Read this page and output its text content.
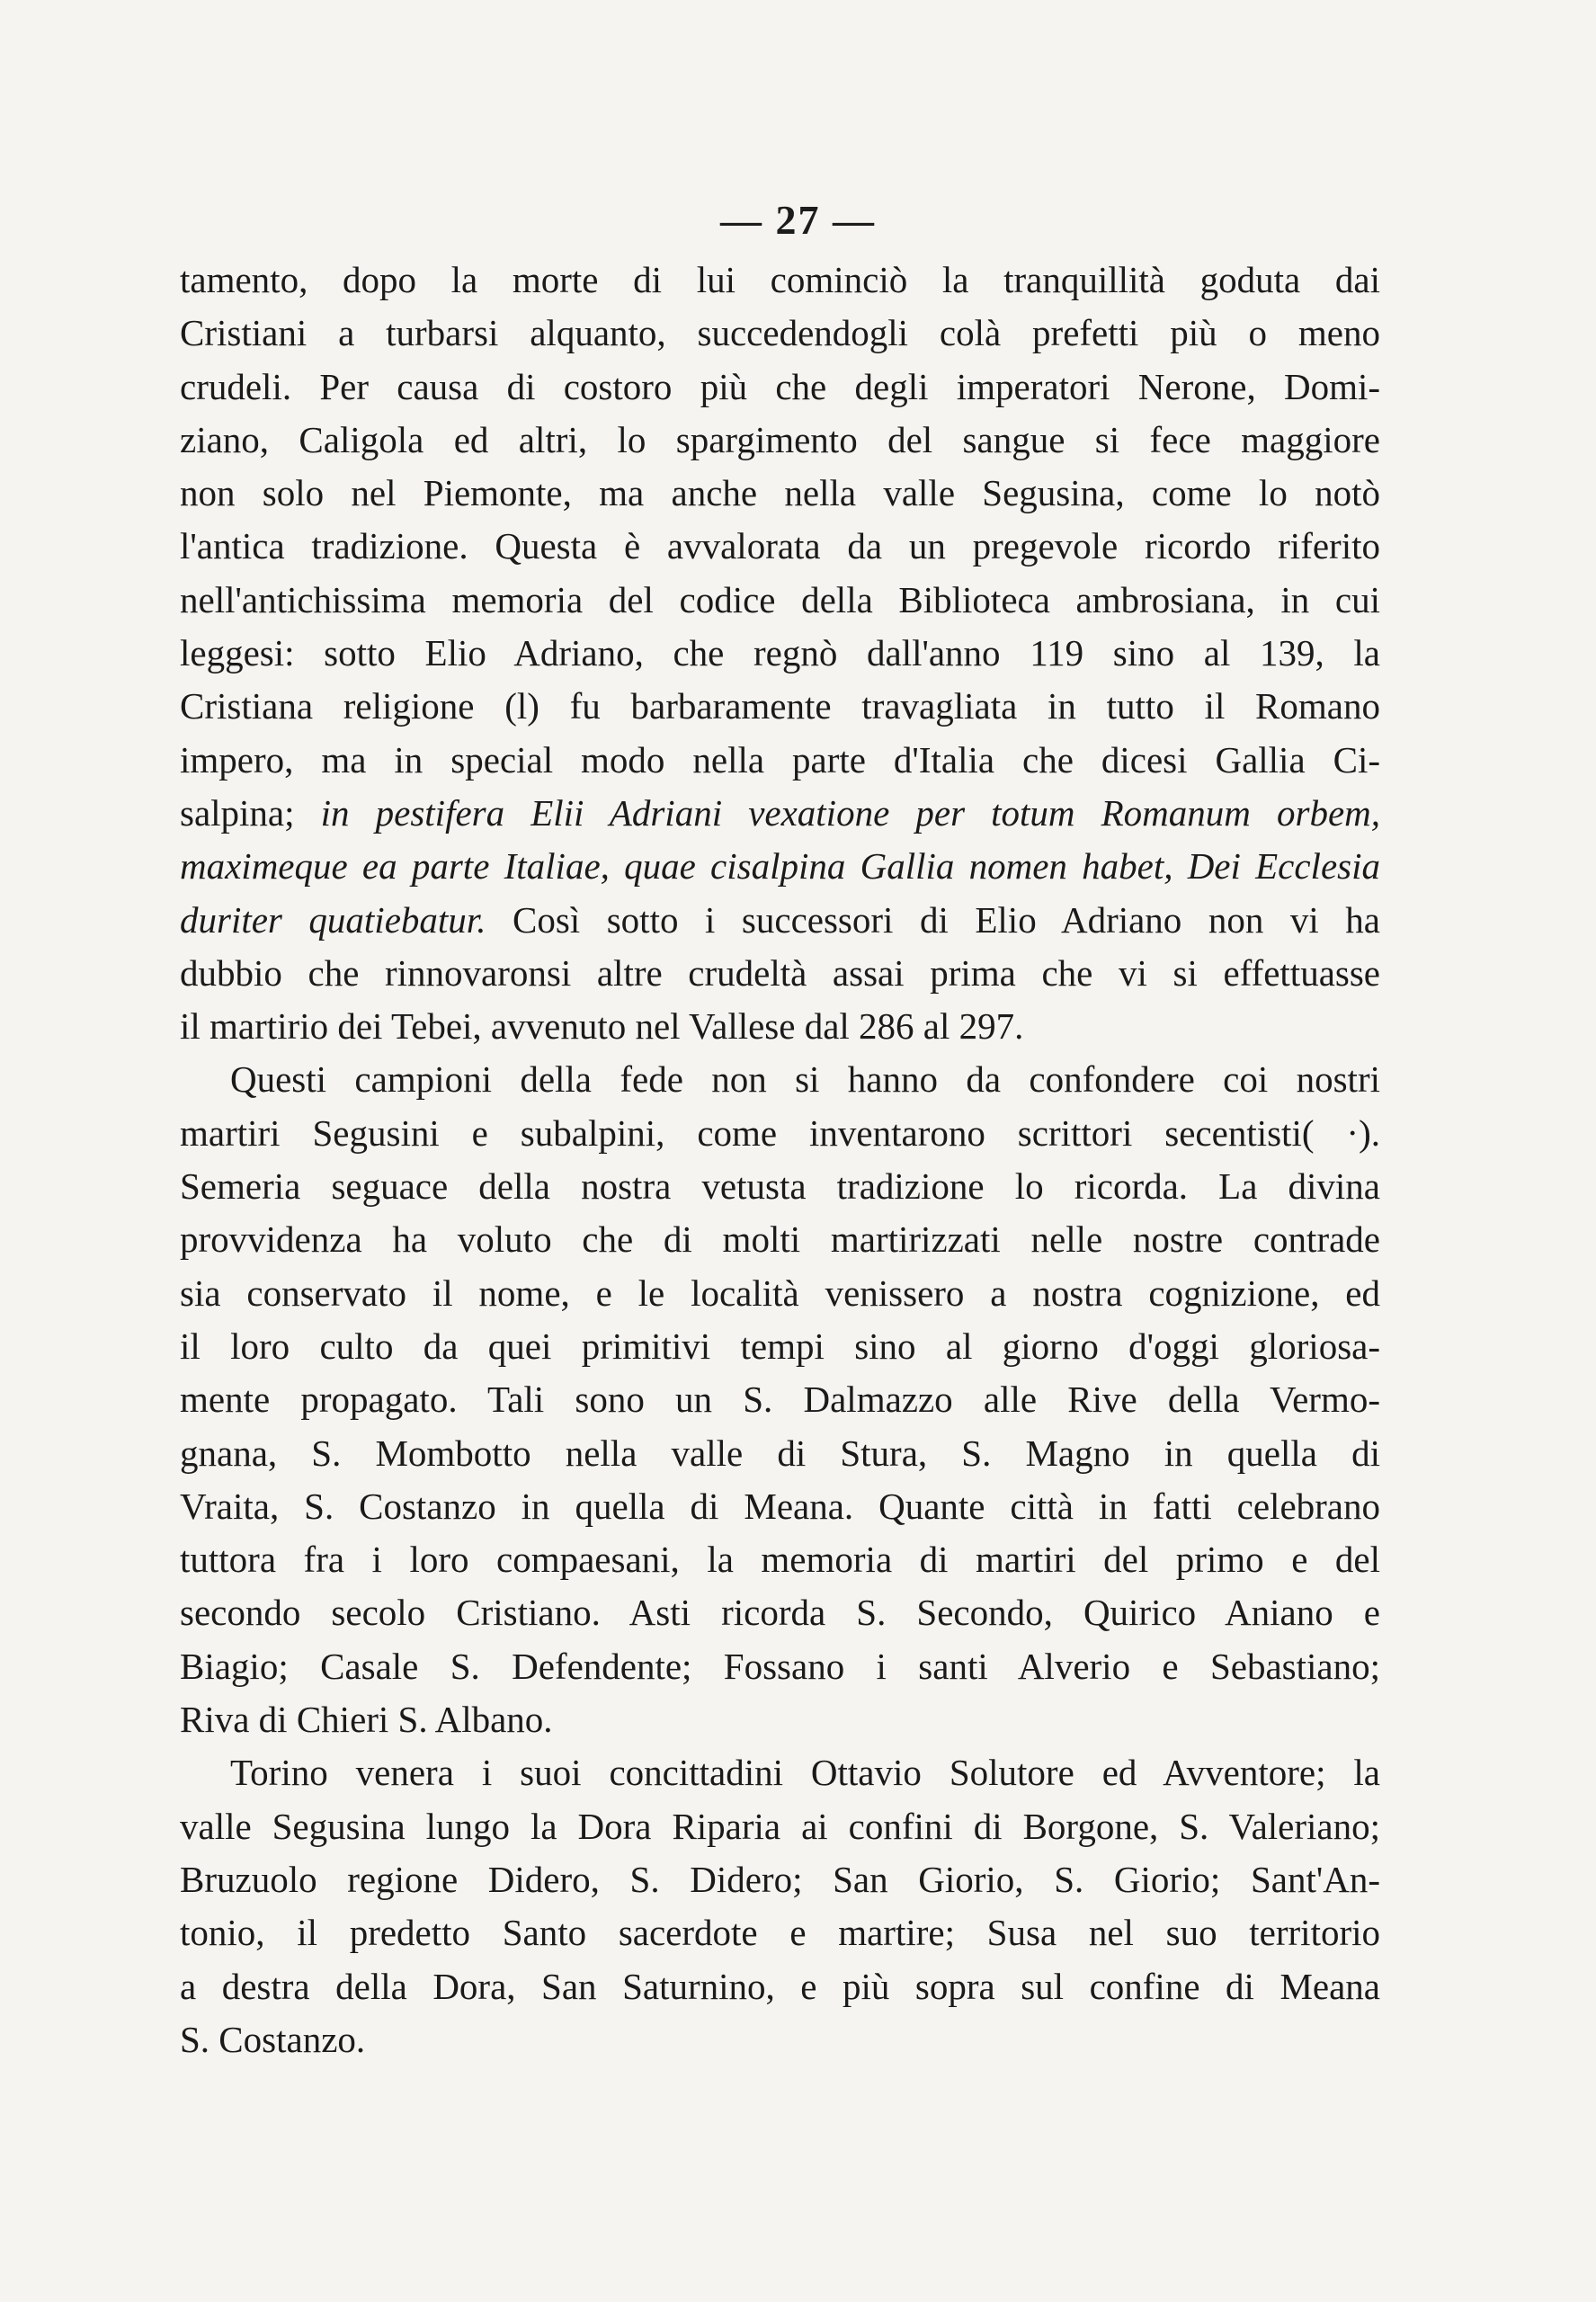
— 27 —
tamento, dopo la morte di lui cominciò la tranquillità goduta dai
Cristiani a turbarsi alquanto, succedendogli colà prefetti più o meno
crudeli. Per causa di costoro più che degli imperatori Nerone, Domi-
ziano, Caligola ed altri, lo spargimento del sangue si fece maggiore
non solo nel Piemonte, ma anche nella valle Segusina, come lo notò
l'antica tradizione. Questa è avvalorata da un pregevole ricordo riferito
nell'antichissima memoria del codice della Biblioteca ambrosiana, in cui
leggesi: sotto Elio Adriano, che regnò dall'anno 119 sino al 139, la
Cristiana religione (l) fu barbaramente travagliata in tutto il Romano
impero, ma in special modo nella parte d'Italia che dicesi Gallia Ci-
salpina; in pestifera Elii Adriani vexatione per totum Romanum orbem,
maximeque ea parte Italiae, quae cisalpina Gallia nomen habet, Dei Ecclesia
duriter quatiebatur. Così sotto i successori di Elio Adriano non vi ha
dubbio che rinnovaronsi altre crudeltà assai prima che vi si effettuasse
il martirio dei Tebei, avvenuto nel Vallese dal 286 al 297.
Questi campioni della fede non si hanno da confondere coi nostri
martiri Segusini e subalpini, come inventarono scrittori secentisti( ·).
Semeria seguace della nostra vetusta tradizione lo ricorda. La divina
provvidenza ha voluto che di molti martirizzati nelle nostre contrade
sia conservato il nome, e le località venissero a nostra cognizione, ed
il loro culto da quei primitivi tempi sino al giorno d'oggi gloriosa-
mente propagato. Tali sono un S. Dalmazzo alle Rive della Vermo-
gnana, S. Mombotto nella valle di Stura, S. Magno in quella di
Vraita, S. Costanzo in quella di Meana. Quante città in fatti celebrano
tuttora fra i loro compaesani, la memoria di martiri del primo e del
secondo secolo Cristiano. Asti ricorda S. Secondo, Quirico Aniano e
Biagio; Casale S. Defendente; Fossano i santi Alverio e Sebastiano;
Riva di Chieri S. Albano.
Torino venera i suoi concittadini Ottavio Solutore ed Avventore; la
valle Segusina lungo la Dora Riparia ai confini di Borgone, S. Valeriano;
Bruzuolo regione Didero, S. Didero; San Giorio, S. Giorio; Sant'An-
tonio, il predetto Santo sacerdote e martire; Susa nel suo territorio
a destra della Dora, San Saturnino, e più sopra sul confine di Meana
S. Costanzo.
